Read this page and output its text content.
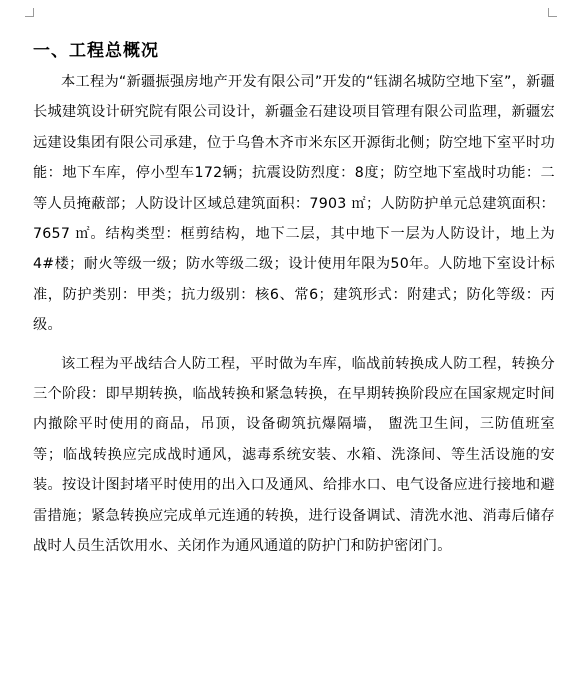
一、工程总概况

本工程为“新疆振强房地产开发有限公司”开发的“钰湖名城防空地下室”，新疆长城建筑设计研究院有限公司设计，新疆金石建设项目管理有限公司监理，新疆宏远建设集团有限公司承建，位于乌鲁木齐市米东区开源街北侧；防空地下室平时功能：地下车库，停小型车172辆；抗震设防烈度：8度；防空地下室战时功能：二等人员掩蔽部；人防设计区域总建筑面积：7903 ㎡；人防防护单元总建筑面积：7657 ㎡。结构类型：框剪结构，地下二层，其中地下一层为人防设计，地上为4#楼；耐火等级一级；防水等级二级；设计使用年限为50年。人防地下室设计标准，防护类别：甲类；抗力级别：核6、常6；建筑形式：附建式；防化等级：丙级。

该工程为平战结合人防工程，平时做为车库，临战前转换成人防工程，转换分三个阶段：即早期转换，临战转换和紧急转换，在早期转换阶段应在国家规定时间内撤除平时使用的商品，吊顶，设备砌筑抗爆隔墙， 盥洗卫生间，三防值班室等；临战转换应完成战时通风，滤毒系统安装、水箱、洗涤间、等生活设施的安装。按设计图封堵平时使用的出入口及通风、给排水口、电气设备应进行接地和避雷措施；紧急转换应完成单元连通的转换，进行设备调试、清洗水池、消毒后储存战时人员生活饮用水、关闭作为通风通道的防护门和防护密闭门。
